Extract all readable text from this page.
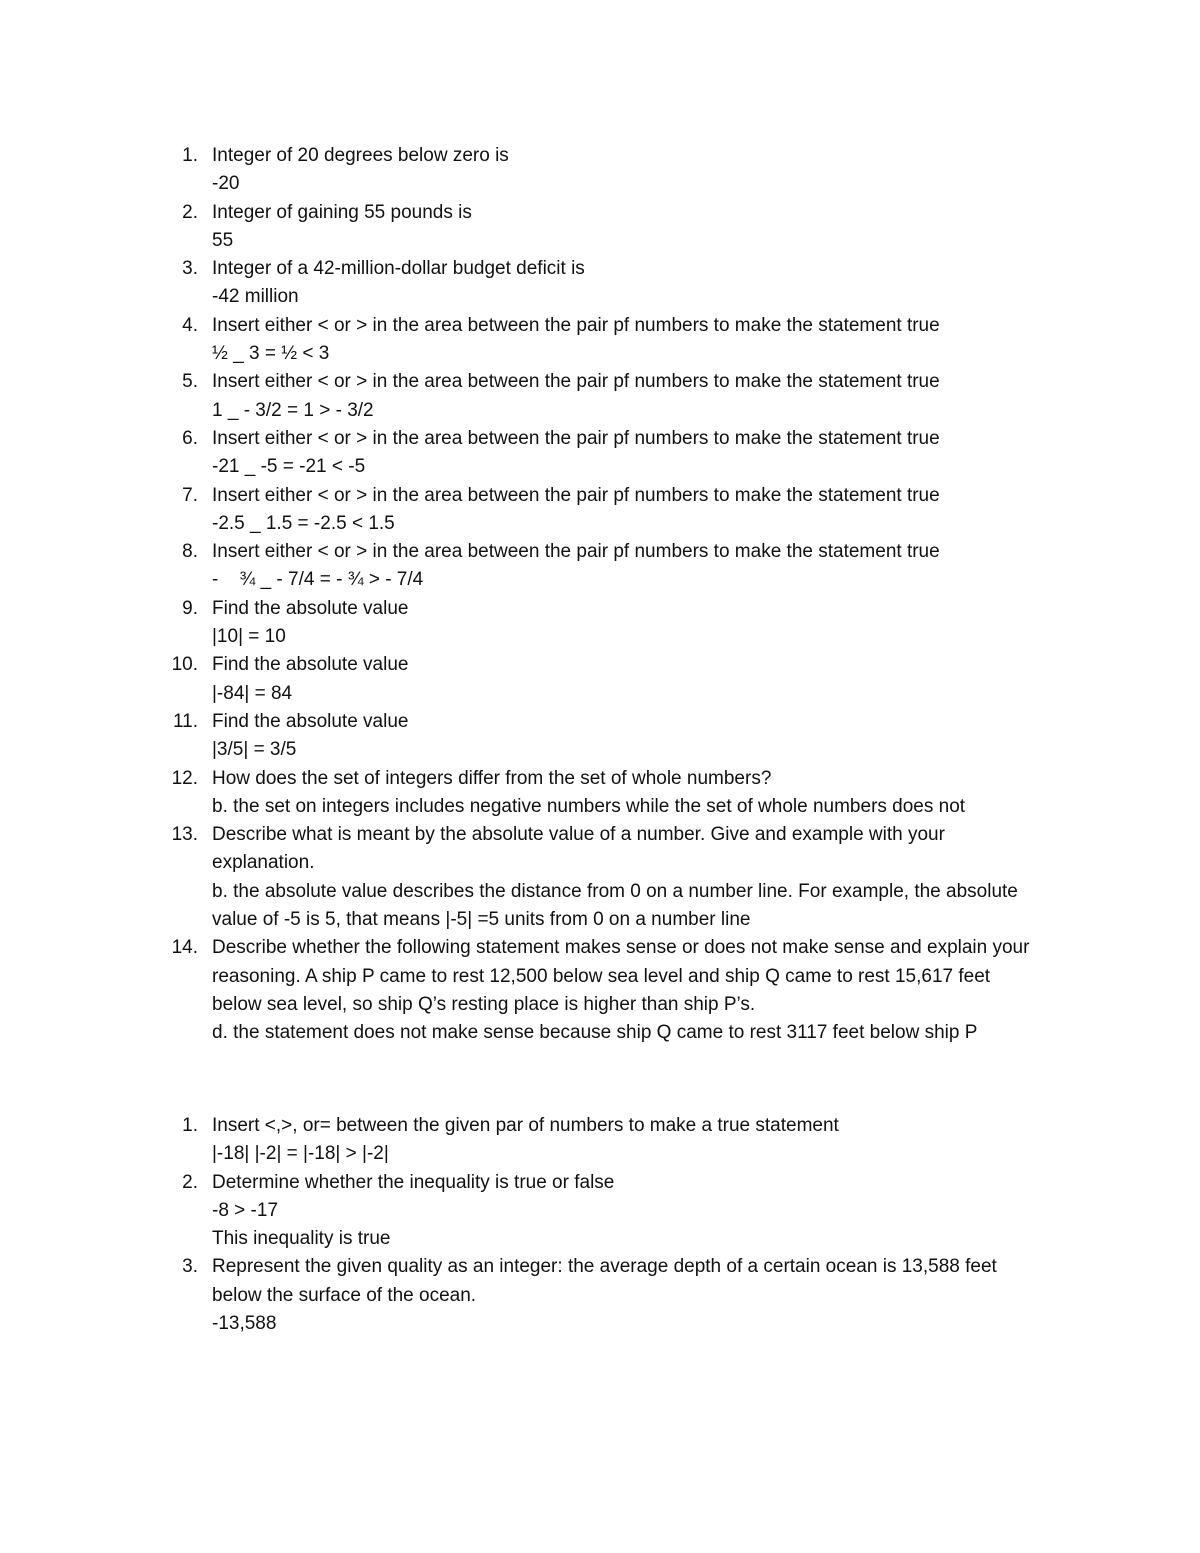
1. Integer of 20 degrees below zero is
-20
2. Integer of gaining 55 pounds is
55
3. Integer of a 42-million-dollar budget deficit is
-42 million
4. Insert either < or > in the area between the pair pf numbers to make the statement true
½ _ 3 = ½ < 3
5. Insert either < or > in the area between the pair pf numbers to make the statement true
1 _ - 3/2 = 1 > - 3/2
6. Insert either < or > in the area between the pair pf numbers to make the statement true
-21 _ -5 = -21 < -5
7. Insert either < or > in the area between the pair pf numbers to make the statement true
-2.5 _ 1.5 = -2.5 < 1.5
8. Insert either < or > in the area between the pair pf numbers to make the statement true
-    ¾ _ - 7/4 = - ¾ > - 7/4
9. Find the absolute value
|10| = 10
10. Find the absolute value
|-84| = 84
11. Find the absolute value
|3/5| = 3/5
12. How does the set of integers differ from the set of whole numbers?
b. the set on integers includes negative numbers while the set of whole numbers does not
13. Describe what is meant by the absolute value of a number. Give and example with your
explanation.
b. the absolute value describes the distance from 0 on a number line. For example, the absolute
value of -5 is 5, that means |-5| =5 units from 0 on a number line
14. Describe whether the following statement makes sense or does not make sense and explain your
reasoning. A ship P came to rest 12,500 below sea level and ship Q came to rest 15,617 feet
below sea level, so ship Q’s resting place is higher than ship P’s.
d. the statement does not make sense because ship Q came to rest 3117 feet below ship P
1. Insert <,>, or= between the given par of numbers to make a true statement
|-18| |-2| = |-18| > |-2|
2. Determine whether the inequality is true or false
-8 > -17
This inequality is true
3. Represent the given quality as an integer: the average depth of a certain ocean is 13,588 feet
below the surface of the ocean.
-13,588
